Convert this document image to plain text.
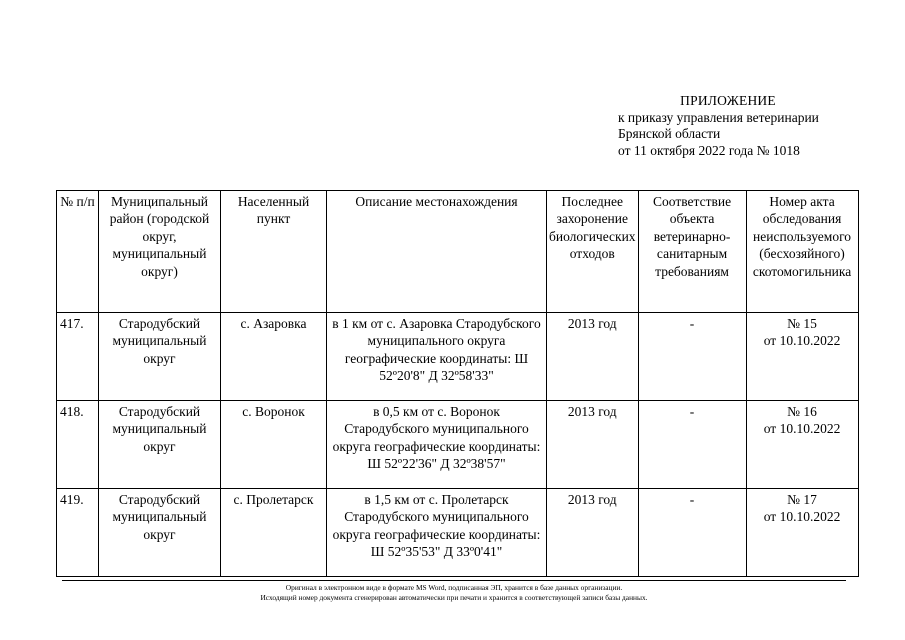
ПРИЛОЖЕНИЕ
к приказу управления ветеринарии
Брянской области
от 11 октября 2022 года № 1018
№ п/п	Муниципальный район (городской округ, муниципальный округ)	Населенный пункт	Описание местонахождения	Последнее захоронение биологических отходов	Соответствие объекта ветеринарно-санитарным требованиям	Номер акта обследования неиспользуемого (бесхозяйного) скотомогильника
417.	Стародубский муниципальный округ	с. Азаровка	в 1 км от с. Азаровка Стародубского муниципального округа географические координаты: Ш 52º20'8" Д 32º58'33"	2013 год	-	№ 15
от 10.10.2022

418.	Стародубский муниципальный округ	с. Воронок	в 0,5 км от с. Воронок Стародубского муниципального округа географические координаты: Ш 52º22'36" Д 32º38'57"	2013 год	-	№ 16
от 10.10.2022

419.	Стародубский муниципальный округ	с. Пролетарск	в 1,5 км от с. Пролетарск Стародубского муниципального округа географические координаты: Ш 52º35'53" Д 33º0'41"	2013 год	-	№ 17
от 10.10.2022
Оригинал в электронном виде в формате MS Word, подписанная ЭП, хранится в базе данных организации.
Исходящий номер документа сгенерирован автоматически при печати и хранится в соответствующей записи базы данных.
